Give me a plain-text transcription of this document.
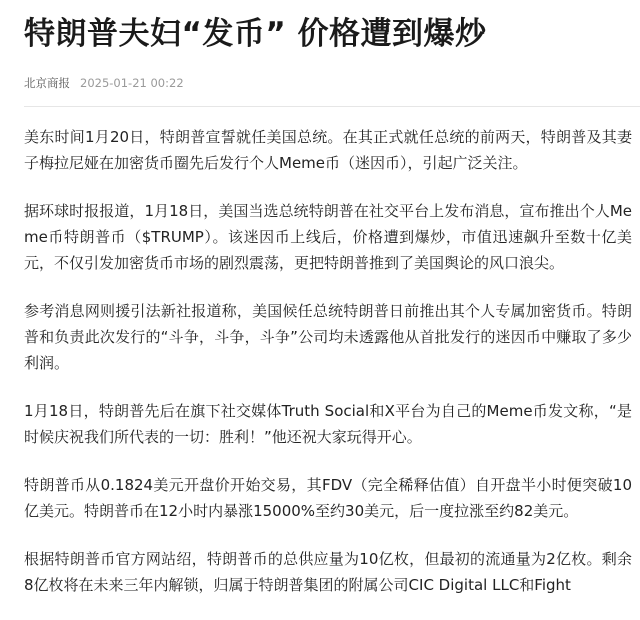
特朗普夫妇“发币” 价格遭到爆炒
北京商报 2025-01-21 00:22

美东时间1月20日，特朗普宣誓就任美国总统。在其正式就任总统的前两天，特朗普及其妻子梅拉尼娅在加密货币圈先后发行个人Meme币（迷因币），引起广泛关注。

据环球时报报道，1月18日，美国当选总统特朗普在社交平台上发布消息，宣布推出个人Meme币特朗普币（$TRUMP）。该迷因币上线后，价格遭到爆炒，市值迅速飙升至数十亿美元，不仅引发加密货币市场的剧烈震荡，更把特朗普推到了美国舆论的风口浪尖。

参考消息网则援引法新社报道称，美国候任总统特朗普日前推出其个人专属加密货币。特朗普和负责此次发行的“斗争，斗争，斗争”公司均未透露他从首批发行的迷因币中赚取了多少利润。

1月18日，特朗普先后在旗下社交媒体Truth Social和X平台为自己的Meme币发文称，“是时候庆祝我们所代表的一切：胜利！”他还祝大家玩得开心。

特朗普币从0.1824美元开盘价开始交易，其FDV（完全稀释估值）自开盘半小时便突破10亿美元。特朗普币在12小时内暴涨15000%至约30美元，后一度拉涨至约82美元。

根据特朗普币官方网站绍，特朗普币的总供应量为10亿枚，但最初的流通量为2亿枚。剩余8亿枚将在未来三年内解锁，归属于特朗普集团的附属公司CIC Digital LLC和Fight
